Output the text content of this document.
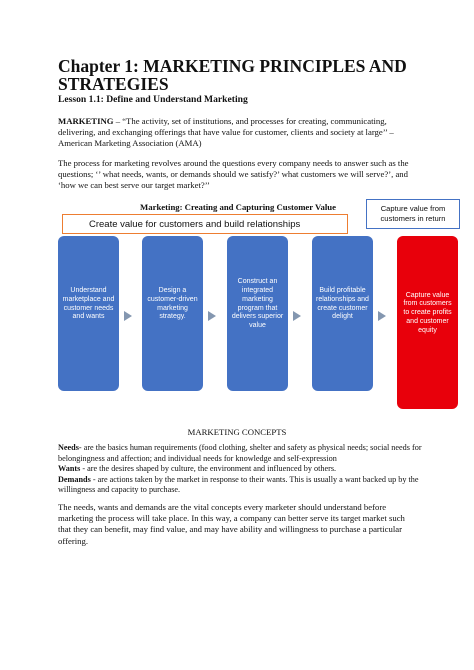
Chapter 1: MARKETING PRINCIPLES AND STRATEGIES
Lesson 1.1: Define and Understand Marketing
MARKETING – “The activity, set of institutions, and processes for creating, communicating, delivering, and exchanging offerings that have value for customer, clients and society at large’’ – American Marketing Association (AMA)
The process for marketing revolves around the questions every company needs to answer such as the questions; ‘’ what needs, wants, or demands should we satisfy?’ what customers we will serve?’, and ‘how we can best serve our target market?’’
Marketing: Creating and Capturing Customer Value
Create value for customers and build relationships
Capture value from customers in return
Understand marketplace and customer needs and wants
Design a customer-driven marketing strategy.
Construct an integrated marketing program that delivers superior value
Build profitable relationships and create customer delight
Capture value from customers to create profits and customer equity
MARKETING CONCEPTS

Needs- are the basics human requirements (food clothing, shelter and safety as physical needs; social needs for belongingness and affection; and individual needs for knowledge and self-expression

Wants - are the desires shaped by culture, the environment and influenced by others.

Demands - are actions taken by the market in response to their wants. This is usually a want backed up by the willingness and capacity to purchase.

The needs, wants and demands are the vital concepts every marketer should understand before marketing the process will take place. In this way, a company can better serve its target market such that they can benefit, may find value, and may have ability and willingness to purchase a particular offering.
